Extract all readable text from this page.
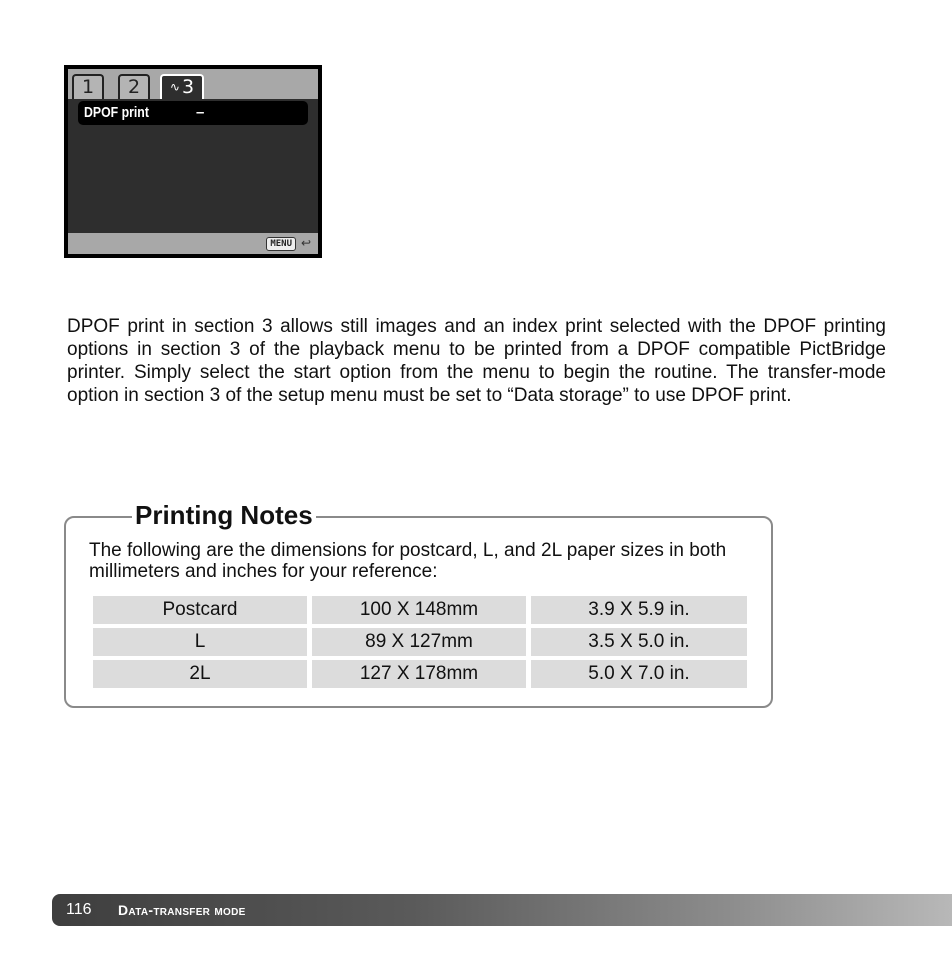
1	2	∿ 3
DPOF print	–
MENU ↩

DPOF print in section 3 allows still images and an index print selected with the DPOF printing options in section 3 of the playback menu to be printed from a DPOF compatible PictBridge printer. Simply select the start option from the menu to begin the routine. The transfer-mode option in section 3 of the setup menu must be set to “Data storage” to use DPOF print.

Printing Notes

The following are the dimensions for postcard, L, and 2L paper sizes in both millimeters and inches for your reference:

Postcard	100 X 148mm	3.9 X 5.9 in.
L	89 X 127mm	3.5 X 5.0 in.
2L	127 X 178mm	5.0 X 7.0 in.
116 Data-transfer mode
